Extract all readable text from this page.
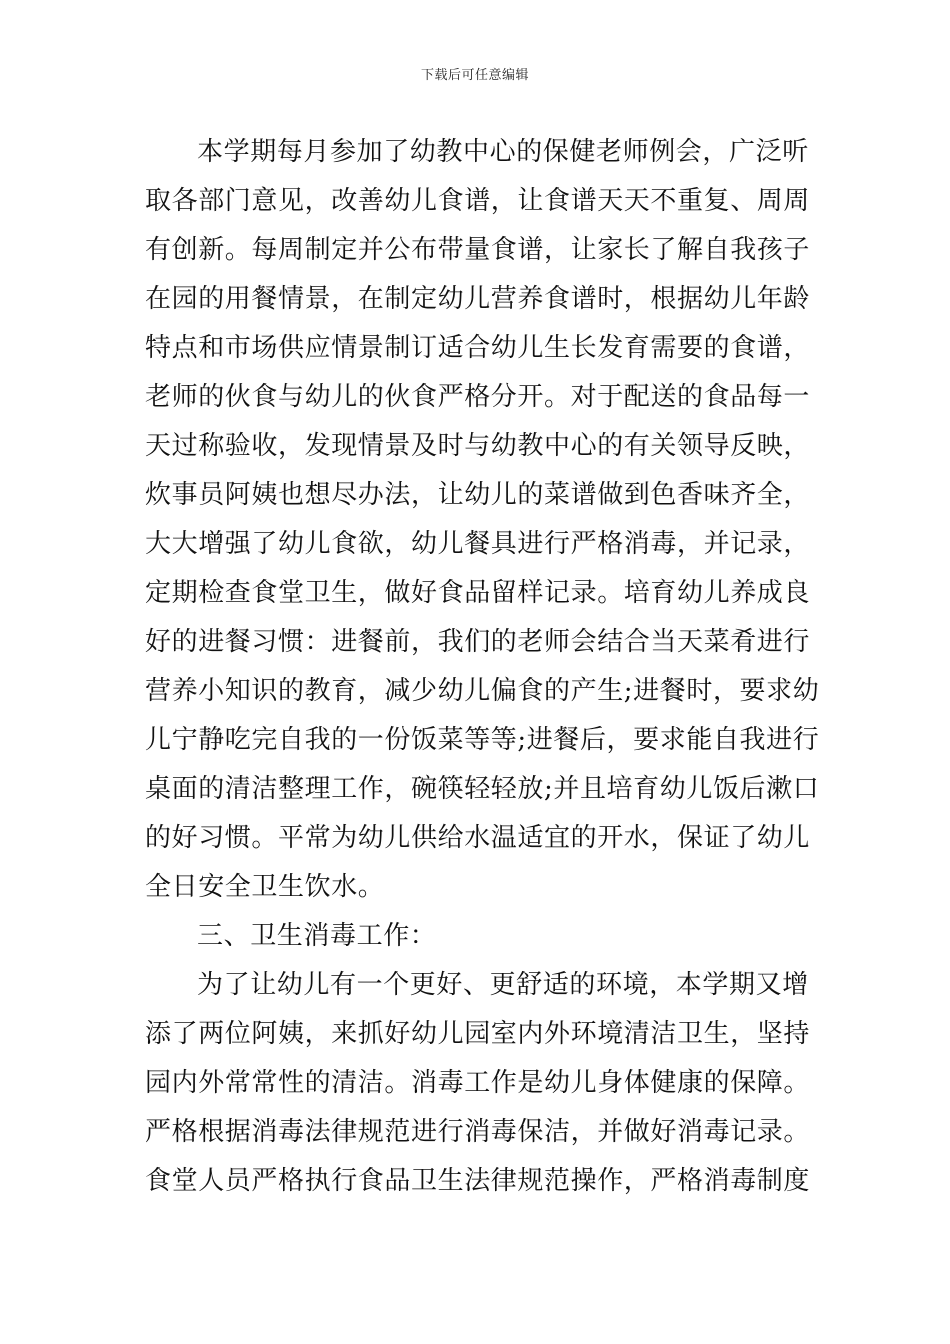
下载后可任意编辑
本学期每月参加了幼教中心的保健老师例会，广泛听
取各部门意见，改善幼儿食谱，让食谱天天不重复、周周
有创新。每周制定并公布带量食谱，让家长了解自我孩子
在园的用餐情景，在制定幼儿营养食谱时，根据幼儿年龄
特点和市场供应情景制订适合幼儿生长发育需要的食谱，
老师的伙食与幼儿的伙食严格分开。对于配送的食品每一
天过称验收，发现情景及时与幼教中心的有关领导反映，
炊事员阿姨也想尽办法，让幼儿的菜谱做到色香味齐全，
大大增强了幼儿食欲，幼儿餐具进行严格消毒，并记录，
定期检查食堂卫生，做好食品留样记录。培育幼儿养成良
好的进餐习惯：进餐前，我们的老师会结合当天菜肴进行
营养小知识的教育，减少幼儿偏食的产生;进餐时，要求幼
儿宁静吃完自我的一份饭菜等等;进餐后，要求能自我进行
桌面的清洁整理工作，碗筷轻轻放;并且培育幼儿饭后漱口
的好习惯。平常为幼儿供给水温适宜的开水，保证了幼儿
全日安全卫生饮水。
三、卫生消毒工作：
为了让幼儿有一个更好、更舒适的环境，本学期又增
添了两位阿姨，来抓好幼儿园室内外环境清洁卫生，坚持
园内外常常性的清洁。消毒工作是幼儿身体健康的保障。
严格根据消毒法律规范进行消毒保洁，并做好消毒记录。
食堂人员严格执行食品卫生法律规范操作，严格消毒制度
